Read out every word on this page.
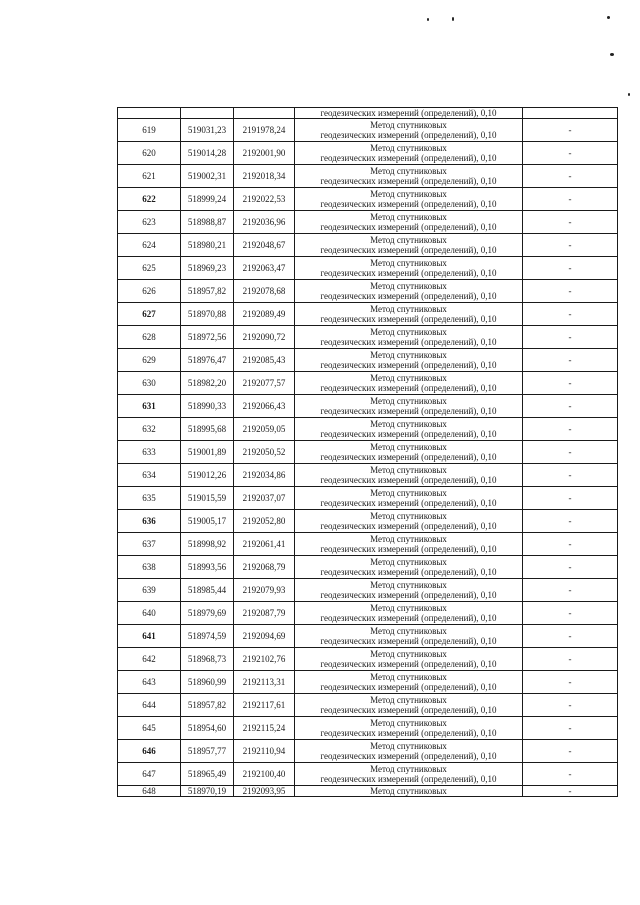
			геодезических измерений (определений), 0,10	

619	519031,23	2191978,24	Метод спутниковых
геодезических измерений (определений), 0,10	-
620	519014,28	2192001,90	Метод спутниковых
геодезических измерений (определений), 0,10	-
621	519002,31	2192018,34	Метод спутниковых
геодезических измерений (определений), 0,10	-
622	518999,24	2192022,53	Метод спутниковых
геодезических измерений (определений), 0,10	-
623	518988,87	2192036,96	Метод спутниковых
геодезических измерений (определений), 0,10	-
624	518980,21	2192048,67	Метод спутниковых
геодезических измерений (определений), 0,10	-
625	518969,23	2192063,47	Метод спутниковых
геодезических измерений (определений), 0,10	-
626	518957,82	2192078,68	Метод спутниковых
геодезических измерений (определений), 0,10	-
627	518970,88	2192089,49	Метод спутниковых
геодезических измерений (определений), 0,10	-
628	518972,56	2192090,72	Метод спутниковых
геодезических измерений (определений), 0,10	-
629	518976,47	2192085,43	Метод спутниковых
геодезических измерений (определений), 0,10	-
630	518982,20	2192077,57	Метод спутниковых
геодезических измерений (определений), 0,10	-
631	518990,33	2192066,43	Метод спутниковых
геодезических измерений (определений), 0,10	-
632	518995,68	2192059,05	Метод спутниковых
геодезических измерений (определений), 0,10	-
633	519001,89	2192050,52	Метод спутниковых
геодезических измерений (определений), 0,10	-
634	519012,26	2192034,86	Метод спутниковых
геодезических измерений (определений), 0,10	-
635	519015,59	2192037,07	Метод спутниковых
геодезических измерений (определений), 0,10	-
636	519005,17	2192052,80	Метод спутниковых
геодезических измерений (определений), 0,10	-
637	518998,92	2192061,41	Метод спутниковых
геодезических измерений (определений), 0,10	-
638	518993,56	2192068,79	Метод спутниковых
геодезических измерений (определений), 0,10	-
639	518985,44	2192079,93	Метод спутниковых
геодезических измерений (определений), 0,10	-
640	518979,69	2192087,79	Метод спутниковых
геодезических измерений (определений), 0,10	-
641	518974,59	2192094,69	Метод спутниковых
геодезических измерений (определений), 0,10	-
642	518968,73	2192102,76	Метод спутниковых
геодезических измерений (определений), 0,10	-
643	518960,99	2192113,31	Метод спутниковых
геодезических измерений (определений), 0,10	-
644	518957,82	2192117,61	Метод спутниковых
геодезических измерений (определений), 0,10	-
645	518954,60	2192115,24	Метод спутниковых
геодезических измерений (определений), 0,10	-
646	518957,77	2192110,94	Метод спутниковых
геодезических измерений (определений), 0,10	-
647	518965,49	2192100,40	Метод спутниковых
геодезических измерений (определений), 0,10	-
648	518970,19	2192093,95	Метод спутниковых	-
